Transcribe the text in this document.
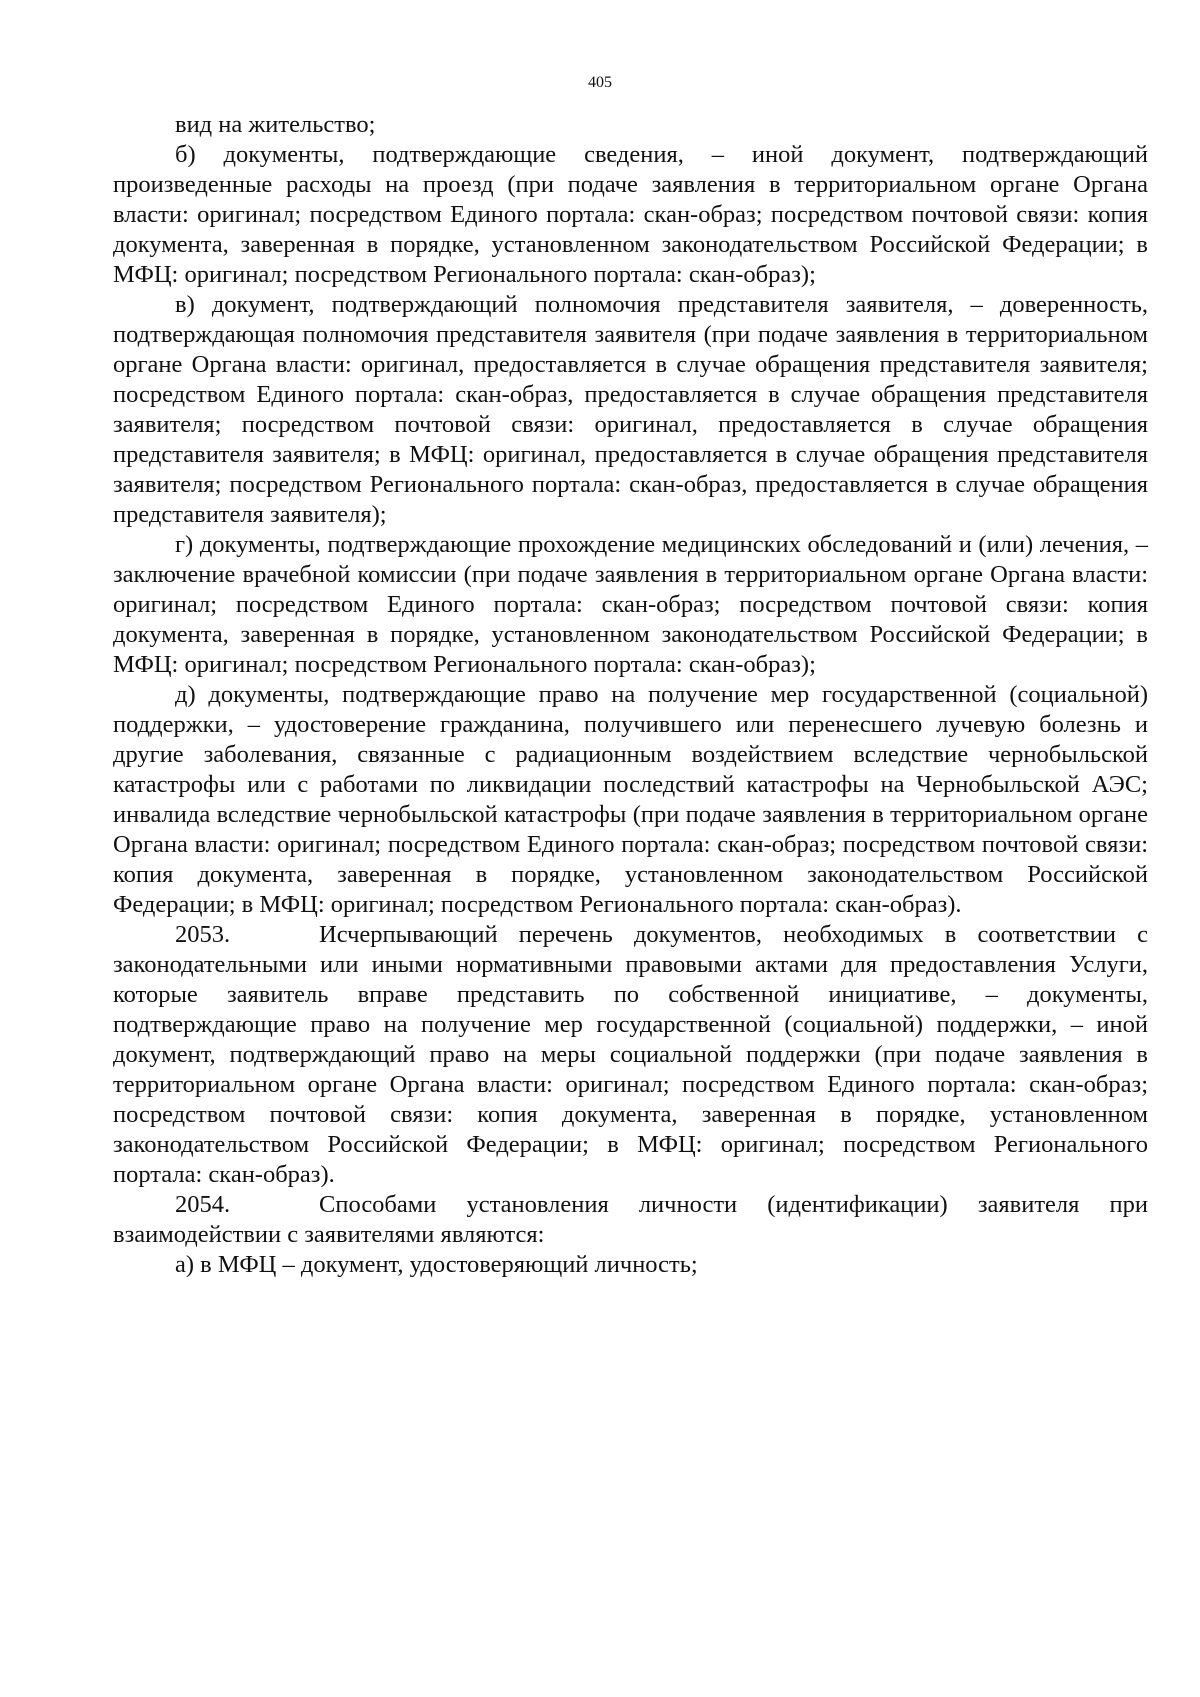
405

вид на жительство;

б) документы, подтверждающие сведения, – иной документ, подтверждающий произведенные расходы на проезд (при подаче заявления в территориальном органе Органа власти: оригинал; посредством Единого портала: скан-образ; посредством почтовой связи: копия документа, заверенная в порядке, установленном законодательством Российской Федерации; в МФЦ: оригинал; посредством Регионального портала: скан-образ);

в) документ, подтверждающий полномочия представителя заявителя, – доверенность, подтверждающая полномочия представителя заявителя (при подаче заявления в территориальном органе Органа власти: оригинал, предоставляется в случае обращения представителя заявителя; посредством Единого портала: скан-образ, предоставляется в случае обращения представителя заявителя; посредством почтовой связи: оригинал, предоставляется в случае обращения представителя заявителя; в МФЦ: оригинал, предоставляется в случае обращения представителя заявителя; посредством Регионального портала: скан-образ, предоставляется в случае обращения представителя заявителя);

г) документы, подтверждающие прохождение медицинских обследований и (или) лечения, – заключение врачебной комиссии (при подаче заявления в территориальном органе Органа власти: оригинал; посредством Единого портала: скан-образ; посредством почтовой связи: копия документа, заверенная в порядке, установленном законодательством Российской Федерации; в МФЦ: оригинал; посредством Регионального портала: скан-образ);

д) документы, подтверждающие право на получение мер государственной (социальной) поддержки, – удостоверение гражданина, получившего или перенесшего лучевую болезнь и другие заболевания, связанные с радиационным воздействием вследствие чернобыльской катастрофы или с работами по ликвидации последствий катастрофы на Чернобыльской АЭС; инвалида вследствие чернобыльской катастрофы (при подаче заявления в территориальном органе Органа власти: оригинал; посредством Единого портала: скан-образ; посредством почтовой связи: копия документа, заверенная в порядке, установленном законодательством Российской Федерации; в МФЦ: оригинал; посредством Регионального портала: скан-образ).

2053.	Исчерпывающий перечень документов, необходимых в соответствии с законодательными или иными нормативными правовыми актами для предоставления Услуги, которые заявитель вправе представить по собственной инициативе, – документы, подтверждающие право на получение мер государственной (социальной) поддержки, – иной документ, подтверждающий право на меры социальной поддержки (при подаче заявления в территориальном органе Органа власти: оригинал; посредством Единого портала: скан-образ; посредством почтовой связи: копия документа, заверенная в порядке, установленном законодательством Российской Федерации; в МФЦ: оригинал; посредством Регионального портала: скан-образ).

2054.	Способами установления личности (идентификации) заявителя при взаимодействии с заявителями являются:

а) в МФЦ – документ, удостоверяющий личность;
